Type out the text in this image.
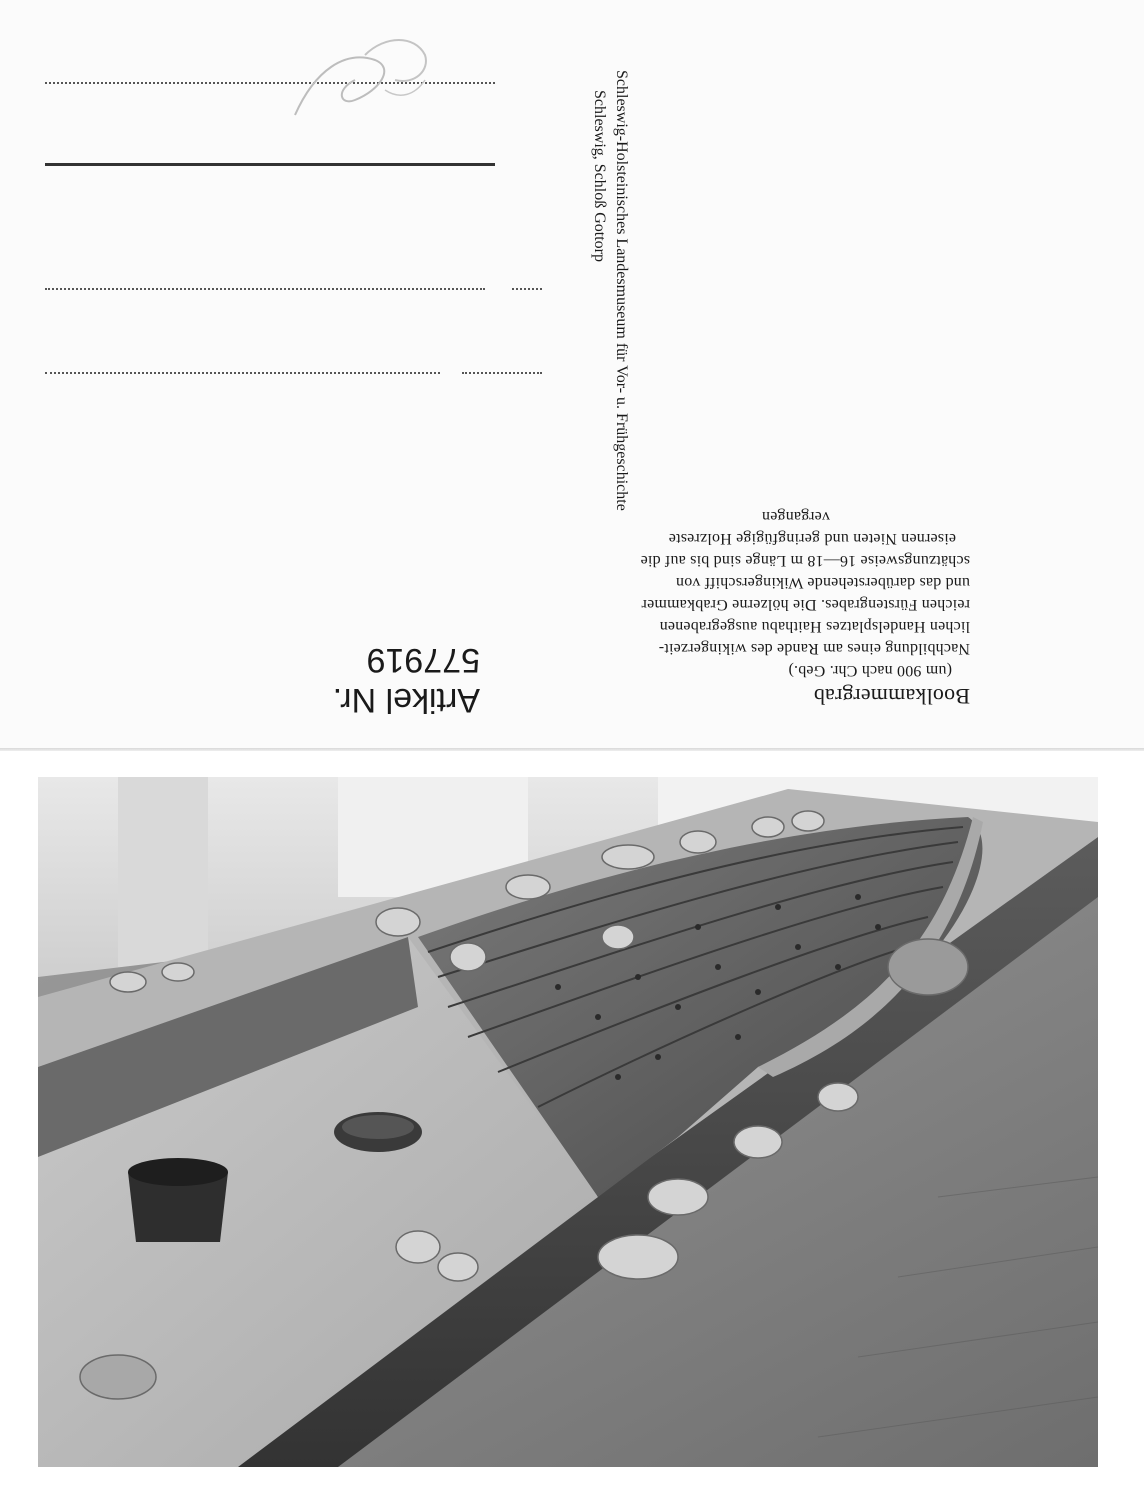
Schleswig-Holsteinisches Landesmuseum für Vor- u. Frühgeschichte
Schleswig, Schloß Gottorp
Boolkammergrab
(um 900 nach Chr. Geb.)
Nachbildung eines am Rande des wikingerzeit-
lichen Handelsplatzes Haithabu ausgegrabenen
reichen Fürstengrabes. Die hölzerne Grabkammer
und das darüberstehende Wikingerschiff von
schätzungsweise 16—18 m Länge sind bis auf die
eisernen Nieten und geringfügige Holzreste
vergangen
Artikel Nr.
577919
